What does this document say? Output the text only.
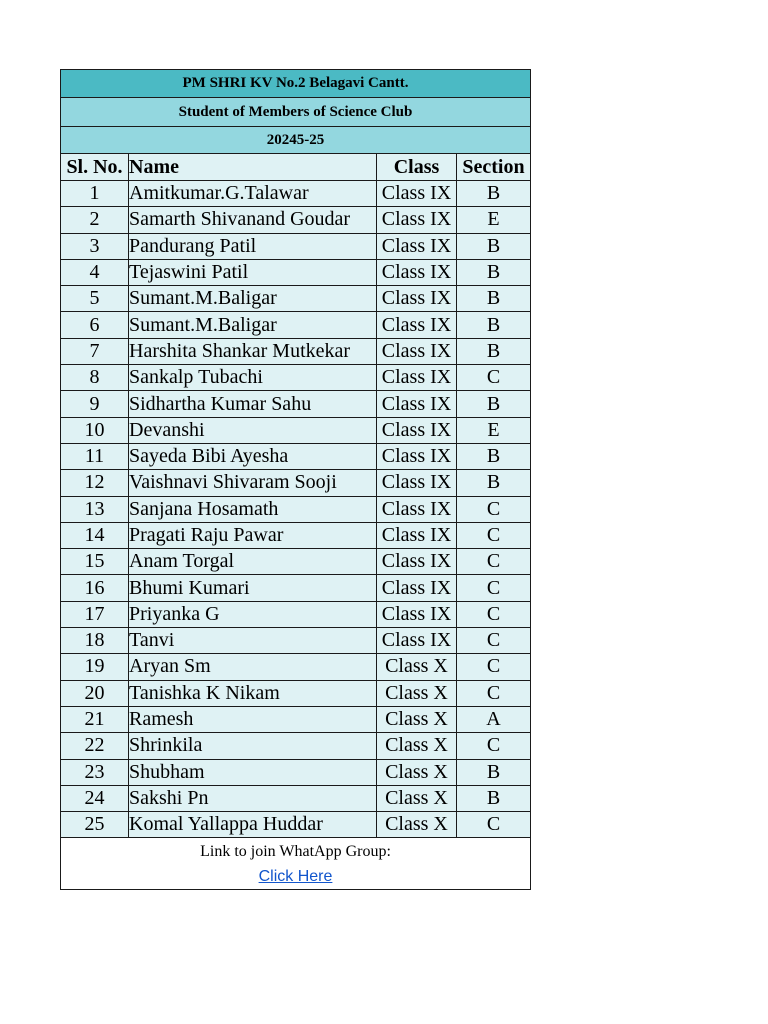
PM SHRI KV No.2 Belagavi Cantt.			
Student of Members of Science Club			
20245-25			
Sl. No.	Name	Class	Section
1	Amitkumar.G.Talawar	Class IX	B
2	Samarth Shivanand Goudar	Class IX	E
3	Pandurang Patil	Class IX	B
4	Tejaswini Patil	Class IX	B
5	Sumant.M.Baligar	Class IX	B
6	Sumant.M.Baligar	Class IX	B
7	Harshita Shankar Mutkekar	Class IX	B
8	Sankalp Tubachi	Class IX	C
9	Sidhartha Kumar Sahu	Class IX	B
10	Devanshi	Class IX	E
11	Sayeda Bibi Ayesha	Class IX	B
12	Vaishnavi Shivaram Sooji	Class IX	B
13	Sanjana Hosamath	Class IX	C
14	Pragati Raju Pawar	Class IX	C
15	Anam Torgal	Class IX	C
16	Bhumi Kumari	Class IX	C
17	Priyanka G	Class IX	C
18	Tanvi	Class IX	C
19	Aryan Sm	Class X	C
20	Tanishka K Nikam	Class X	C
21	Ramesh	Class X	A
22	Shrinkila	Class X	C
23	Shubham	Class X	B
24	Sakshi Pn	Class X	B
25	Komal Yallappa Huddar	Class X	C

Link to join WhatApp Group:
Click Here			
